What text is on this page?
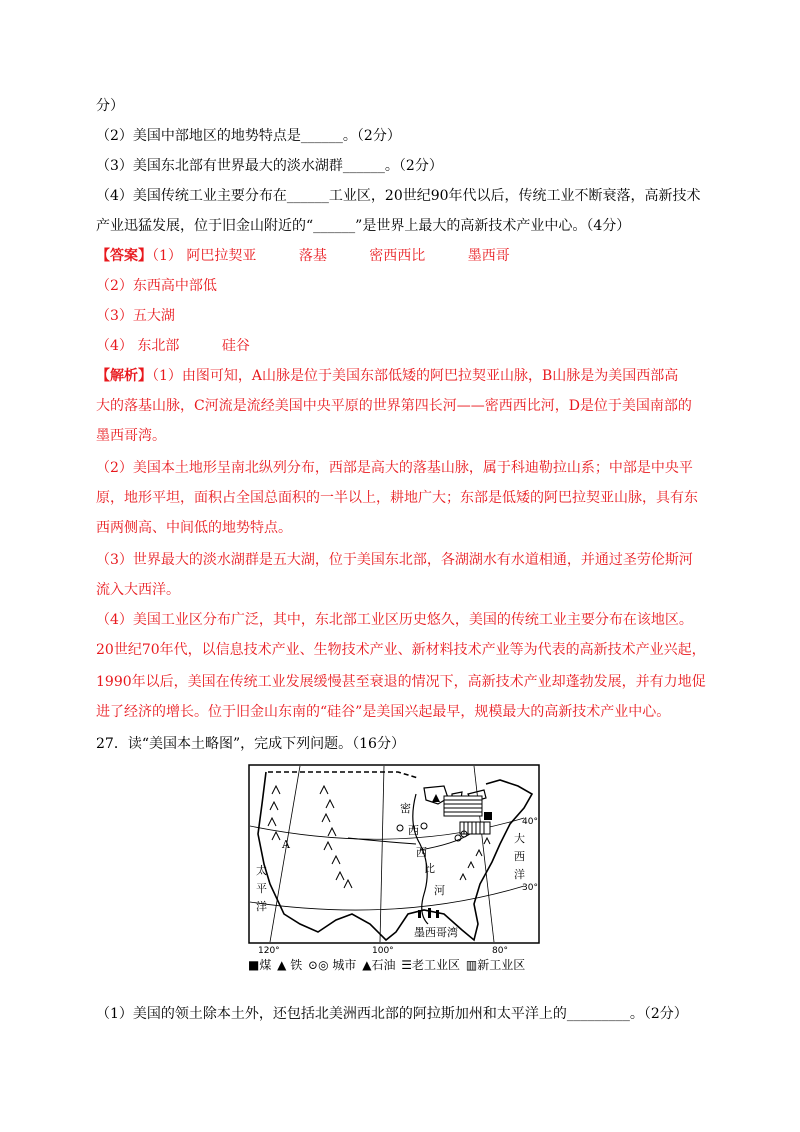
分）
（2）美国中部地区的地势特点是______。（2分）
（3）美国东北部有世界最大的淡水湖群______。（2分）
（4）美国传统工业主要分布在______工业区，20世纪90年代以后，传统工业不断衰落，高新技术
产业迅猛发展，位于旧金山附近的“______”是世界上最大的高新技术产业中心。（4分）
【答案】（1） 阿巴拉契亚	落基	密西西比	墨西哥
（2）东西高中部低
（3）五大湖
（4） 东北部	硅谷
【解析】（1）由图可知，A山脉是位于美国东部低矮的阿巴拉契亚山脉，B山脉是为美国西部高
大的落基山脉，C河流是流经美国中央平原的世界第四长河——密西西比河，D是位于美国南部的
墨西哥湾。
（2）美国本土地形呈南北纵列分布，西部是高大的落基山脉，属于科迪勒拉山系；中部是中央平
原，地形平坦，面积占全国总面积的一半以上，耕地广大；东部是低矮的阿巴拉契亚山脉，具有东
西两侧高、中间低的地势特点。
（3）世界最大的淡水湖群是五大湖，位于美国东北部，各湖湖水有水道相通，并通过圣劳伦斯河
流入大西洋。
（4）美国工业区分布广泛，其中，东北部工业区历史悠久，美国的传统工业主要分布在该地区。
20世纪70年代，以信息技术产业、生物技术产业、新材料技术产业等为代表的高新技术产业兴起，
1990年以后，美国在传统工业发展缓慢甚至衰退的情况下，高新技术产业却蓬勃发展，并有力地促
进了经济的增长。位于旧金山东南的“硅谷”是美国兴起最早，规模最大的高新技术产业中心。
27．读“美国本土略图”，完成下列问题。（16分）
A
密
西
西
比
河
太
平
洋
大
西
洋
墨西哥湾
40°
30°
120°	100°	80°
■煤 ▲ 铁 ⊙◎ 城市 ▲石油 ☰老工业区 ▥新工业区
（1）美国的领土除本土外，还包括北美洲西北部的阿拉斯加州和太平洋上的_________。（2分）
